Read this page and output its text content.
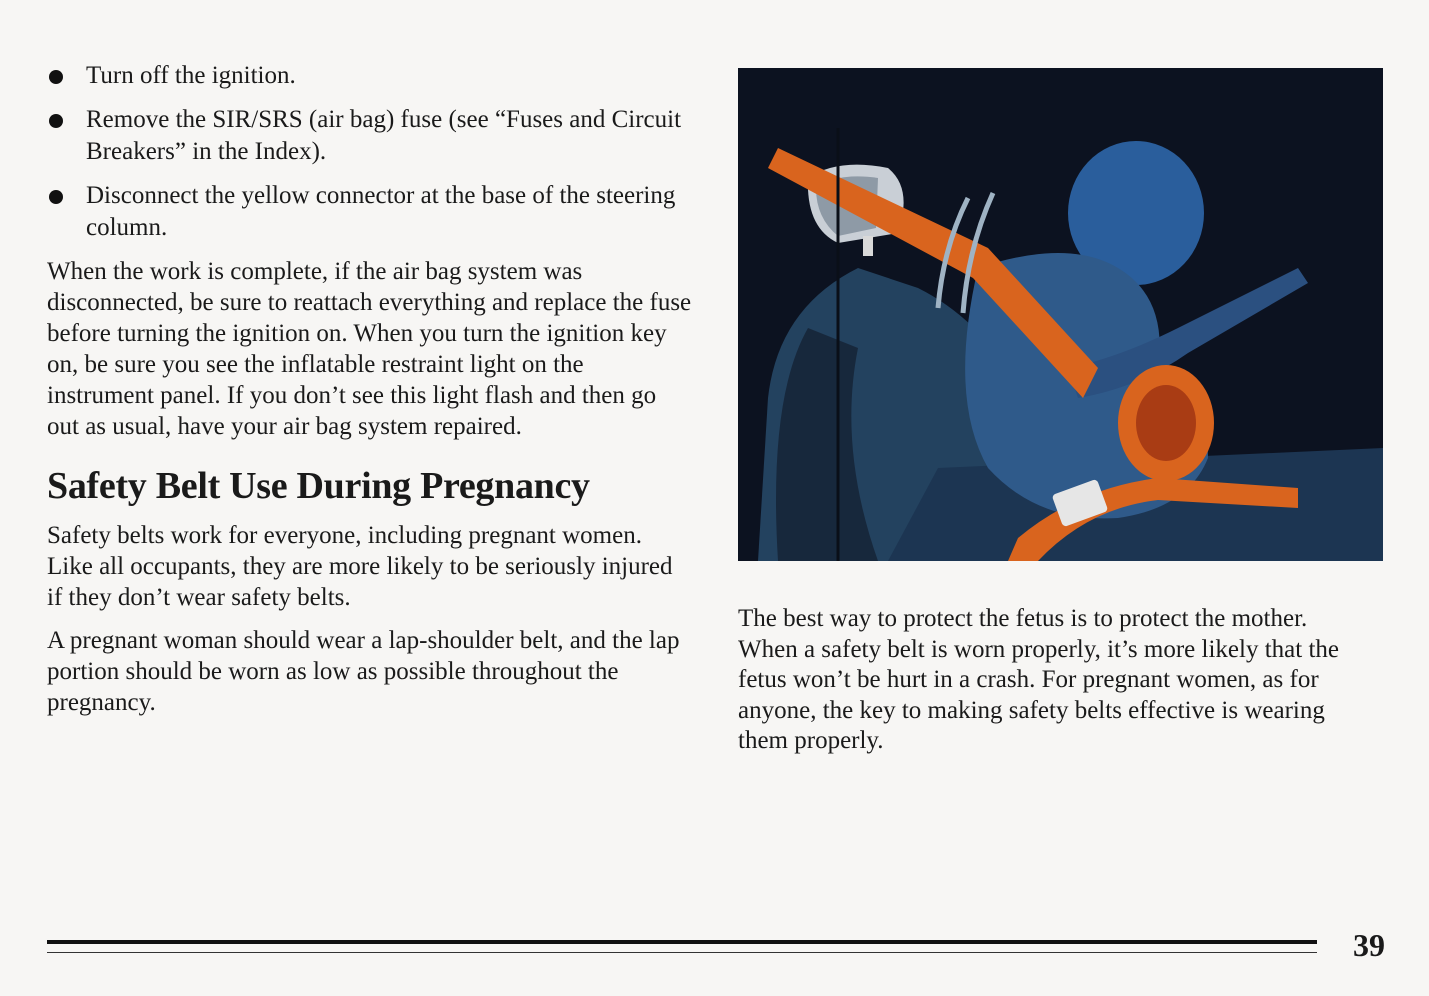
Turn off the ignition.
Remove the SIR/SRS (air bag) fuse (see “Fuses and Circuit Breakers” in the Index).
Disconnect the yellow connector at the base of the steering column.

When the work is complete, if the air bag system was disconnected, be sure to reattach everything and replace the fuse before turning the ignition on. When you turn the ignition key on, be sure you see the inflatable restraint light on the instrument panel. If you don’t see this light flash and then go out as usual, have your air bag system repaired.

Safety Belt Use During Pregnancy

Safety belts work for everyone, including pregnant women. Like all occupants, they are more likely to be seriously injured if they don’t wear safety belts.

A pregnant woman should wear a lap-shoulder belt, and the lap portion should be worn as low as possible throughout the pregnancy.

The best way to protect the fetus is to protect the mother. When a safety belt is worn properly, it’s more likely that the fetus won’t be hurt in a crash. For pregnant women, as for anyone, the key to making safety belts effective is wearing them properly.

39
